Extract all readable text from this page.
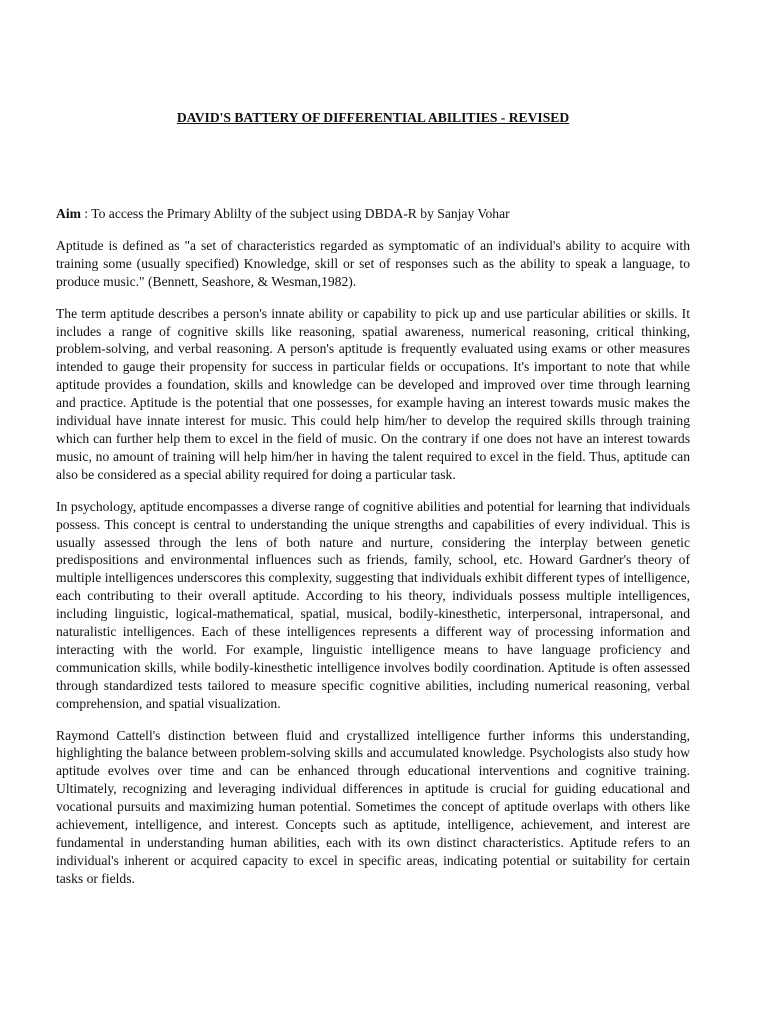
DAVID'S BATTERY OF DIFFERENTIAL ABILITIES - REVISED

Aim : To access the Primary Ablilty of the subject using DBDA-R by Sanjay Vohar

Aptitude is defined as "a set of characteristics regarded as symptomatic of an individual's ability to acquire with training some (usually specified) Knowledge, skill or set of responses such as the ability to speak a language, to produce music." (Bennett, Seashore, & Wesman,1982).

The term aptitude describes a person's innate ability or capability to pick up and use particular abilities or skills. It includes a range of cognitive skills like reasoning, spatial awareness, numerical reasoning, critical thinking, problem-solving, and verbal reasoning. A person's aptitude is frequently evaluated using exams or other measures intended to gauge their propensity for success in particular fields or occupations. It's important to note that while aptitude provides a foundation, skills and knowledge can be developed and improved over time through learning and practice. Aptitude is the potential that one possesses, for example having an interest towards music makes the individual have innate interest for music. This could help him/her to develop the required skills through training which can further help them to excel in the field of music. On the contrary if one does not have an interest towards music, no amount of training will help him/her in having the talent required to excel in the field. Thus, aptitude can also be considered as a special ability required for doing a particular task.

In psychology, aptitude encompasses a diverse range of cognitive abilities and potential for learning that individuals possess. This concept is central to understanding the unique strengths and capabilities of every individual. This is usually assessed through the lens of both nature and nurture, considering the interplay between genetic predispositions and environmental influences such as friends, family, school, etc. Howard Gardner's theory of multiple intelligences underscores this complexity, suggesting that individuals exhibit different types of intelligence, each contributing to their overall aptitude. According to his theory, individuals possess multiple intelligences, including linguistic, logical-mathematical, spatial, musical, bodily-kinesthetic, interpersonal, intrapersonal, and naturalistic intelligences. Each of these intelligences represents a different way of processing information and interacting with the world. For example, linguistic intelligence means to have language proficiency and communication skills, while bodily-kinesthetic intelligence involves bodily coordination. Aptitude is often assessed through standardized tests tailored to measure specific cognitive abilities, including numerical reasoning, verbal comprehension, and spatial visualization.

Raymond Cattell's distinction between fluid and crystallized intelligence further informs this understanding, highlighting the balance between problem-solving skills and accumulated knowledge. Psychologists also study how aptitude evolves over time and can be enhanced through educational interventions and cognitive training. Ultimately, recognizing and leveraging individual differences in aptitude is crucial for guiding educational and vocational pursuits and maximizing human potential. Sometimes the concept of aptitude overlaps with others like achievement, intelligence, and interest. Concepts such as aptitude, intelligence, achievement, and interest are fundamental in understanding human abilities, each with its own distinct characteristics. Aptitude refers to an individual's inherent or acquired capacity to excel in specific areas, indicating potential or suitability for certain tasks or fields.
